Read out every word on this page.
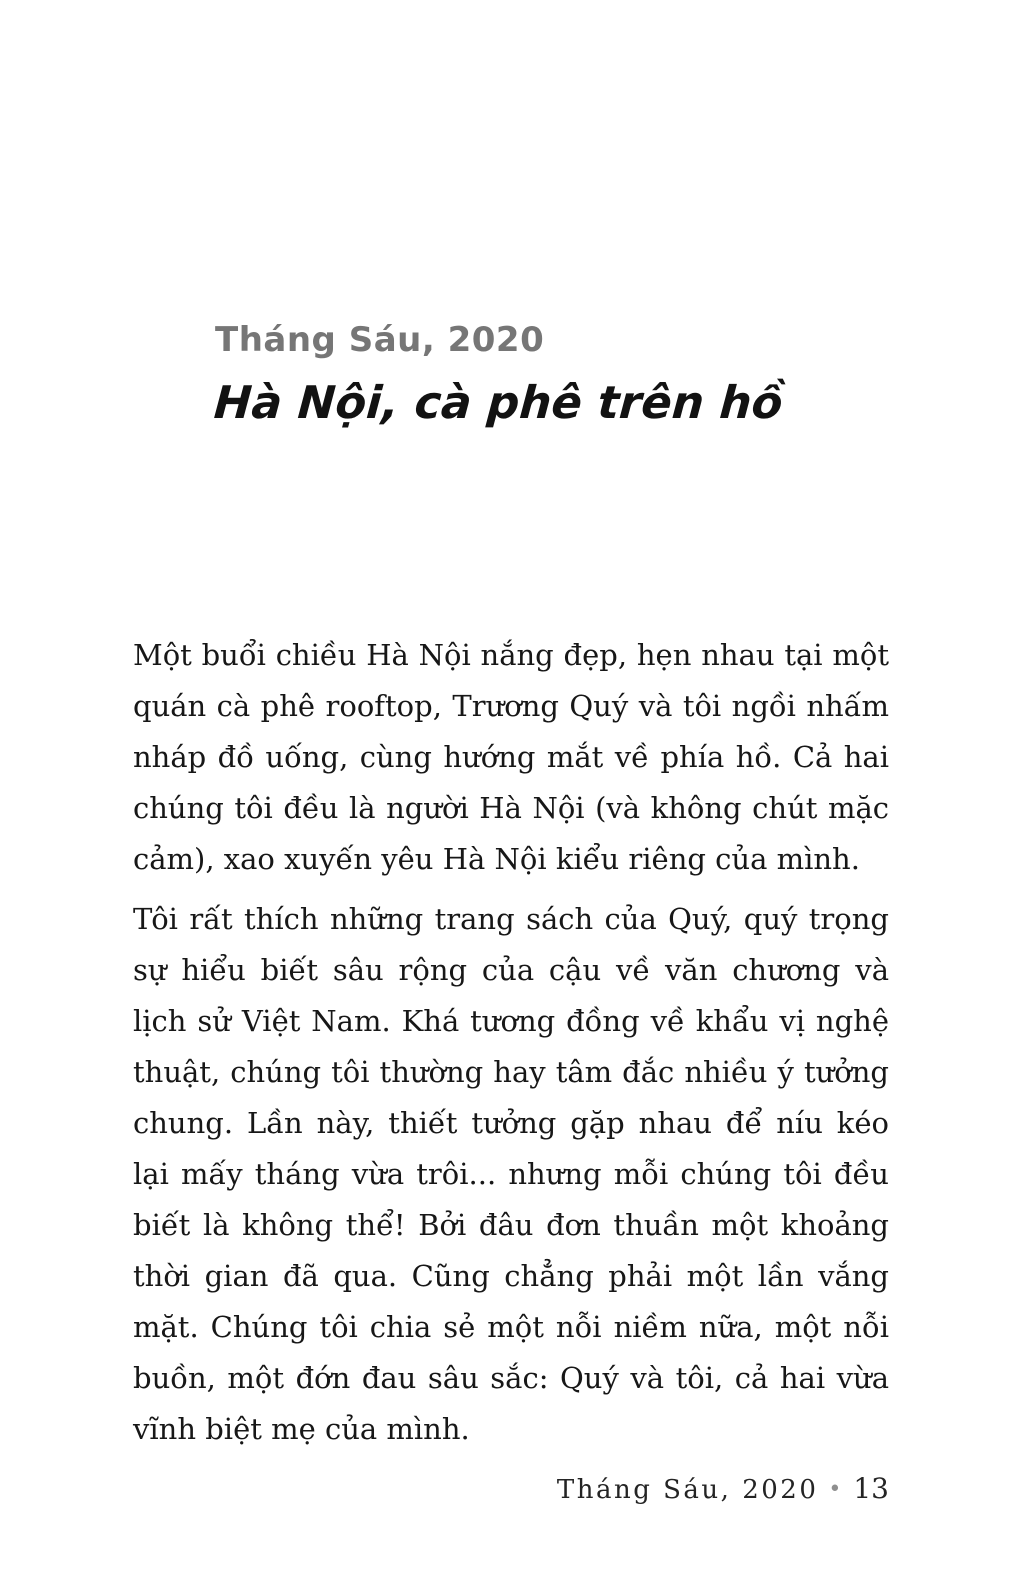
Tháng Sáu, 2020
Hà Nội, cà phê trên hồ

Một buổi chiều Hà Nội nắng đẹp, hẹn nhau tại một quán cà phê rooftop, Trương Quý và tôi ngồi nhấm nháp đồ uống, cùng hướng mắt về phía hồ. Cả hai chúng tôi đều là người Hà Nội (và không chút mặc cảm), xao xuyến yêu Hà Nội kiểu riêng của mình.

Tôi rất thích những trang sách của Quý, quý trọng sự hiểu biết sâu rộng của cậu về văn chương và lịch sử Việt Nam. Khá tương đồng về khẩu vị nghệ thuật, chúng tôi thường hay tâm đắc nhiều ý tưởng chung. Lần này, thiết tưởng gặp nhau để níu kéo lại mấy tháng vừa trôi... nhưng mỗi chúng tôi đều biết là không thể! Bởi đâu đơn thuần một khoảng thời gian đã qua. Cũng chẳng phải một lần vắng mặt. Chúng tôi chia sẻ một nỗi niềm nữa, một nỗi buồn, một đớn đau sâu sắc: Quý và tôi, cả hai vừa vĩnh biệt mẹ của mình.

Tháng Sáu, 2020 • 13
